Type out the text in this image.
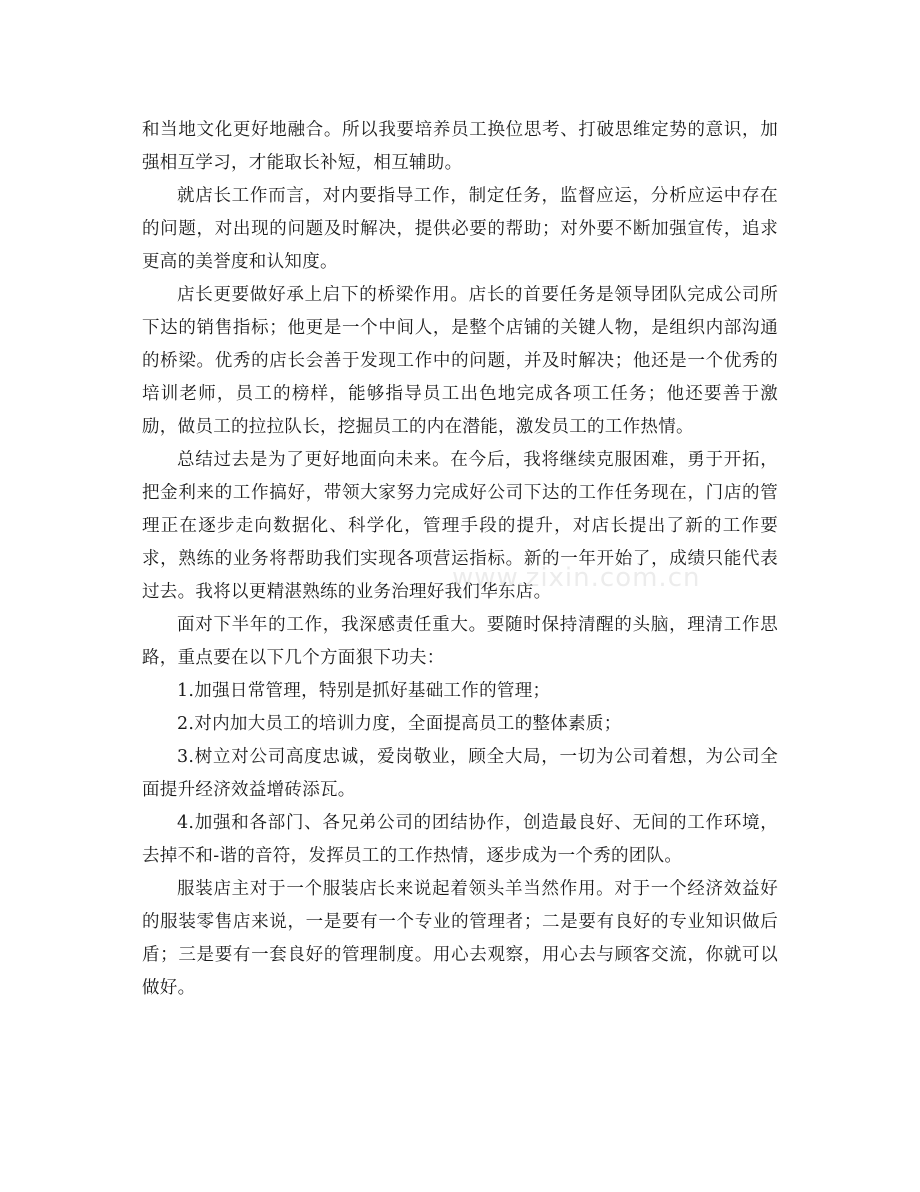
和当地文化更好地融合。所以我要培养员工换位思考、打破思维定势的意识，加强相互学习，才能取长补短，相互辅助。

就店长工作而言，对内要指导工作，制定任务，监督应运，分析应运中存在的问题，对出现的问题及时解决，提供必要的帮助；对外要不断加强宣传，追求更高的美誉度和认知度。

店长更要做好承上启下的桥梁作用。店长的首要任务是领导团队完成公司所下达的销售指标；他更是一个中间人，是整个店铺的关键人物，是组织内部沟通的桥梁。优秀的店长会善于发现工作中的问题，并及时解决；他还是一个优秀的培训老师，员工的榜样，能够指导员工出色地完成各项工任务；他还要善于激励，做员工的拉拉队长，挖掘员工的内在潜能，激发员工的工作热情。

总结过去是为了更好地面向未来。在今后，我将继续克服困难，勇于开拓，把金利来的工作搞好，带领大家努力完成好公司下达的工作任务现在，门店的管理正在逐步走向数据化、科学化，管理手段的提升，对店长提出了新的工作要求，熟练的业务将帮助我们实现各项营运指标。新的一年开始了，成绩只能代表过去。我将以更精湛熟练的业务治理好我们华东店。

面对下半年的工作，我深感责任重大。要随时保持清醒的头脑，理清工作思路，重点要在以下几个方面狠下功夫：

1.加强日常管理，特别是抓好基础工作的管理；

2.对内加大员工的培训力度，全面提高员工的整体素质；

3.树立对公司高度忠诚，爱岗敬业，顾全大局，一切为公司着想，为公司全面提升经济效益增砖添瓦。

4.加强和各部门、各兄弟公司的团结协作，创造最良好、无间的工作环境，去掉不和-谐的音符，发挥员工的工作热情，逐步成为一个秀的团队。

服装店主对于一个服装店长来说起着领头羊当然作用。对于一个经济效益好的服装零售店来说，一是要有一个专业的管理者；二是要有良好的专业知识做后盾；三是要有一套良好的管理制度。用心去观察，用心去与顾客交流，你就可以做好。

www.zixin.com.cn
